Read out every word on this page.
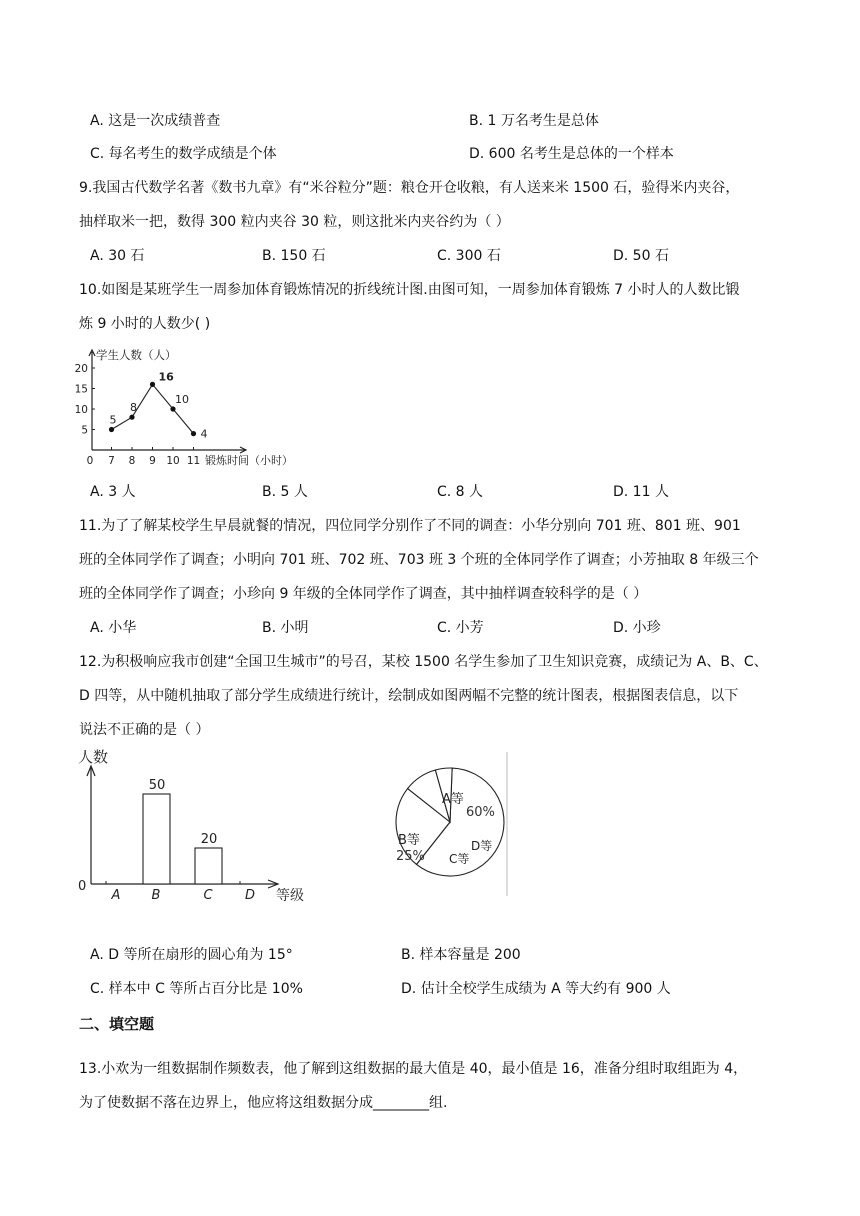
A. 这是一次成绩普查	B. 1 万名考生是总体
C. 每名考生的数学成绩是个体	D. 600 名考生是总体的一个样本
9.我国古代数学名著《数书九章》有“米谷粒分”题：粮仓开仓收粮，有人送来米 1500 石，验得米内夹谷，
抽样取米一把，数得 300 粒内夹谷 30 粒，则这批米内夹谷约为（ ）
A. 30 石	B. 150 石	C. 300 石	D. 50 石
10.如图是某班学生一周参加体育锻炼情况的折线统计图.由图可知，一周参加体育锻炼 7 小时人的人数比锻
炼 9 小时的人数少( )
学生人数（人）
锻炼时间（小时）
5
10
15
20
0 7 8 9 10 11
5
8
16
10
4
A. 3 人	B. 5 人	C. 8 人	D. 11 人
11.为了了解某校学生早晨就餐的情况，四位同学分别作了不同的调查：小华分别向 701 班、801 班、901
班的全体同学作了调查；小明向 701 班、702 班、703 班 3 个班的全体同学作了调查；小芳抽取 8 年级三个
班的全体同学作了调查；小珍向 9 年级的全体同学作了调查，其中抽样调查较科学的是（ ）
A. 小华	B. 小明	C. 小芳	D. 小珍
12.为积极响应我市创建“全国卫生城市”的号召，某校 1500 名学生参加了卫生知识竞赛，成绩记为 A、B、C、
D 四等，从中随机抽取了部分学生成绩进行统计，绘制成如图两幅不完整的统计图表，根据图表信息，以下
说法不正确的是（ ）
人数
等级
0
A B	C D
50
20
A等
60%
B等
25% C等
D等
A. D 等所在扇形的圆心角为 15°	B. 样本容量是 200
C. 样本中 C 等所占百分比是 10%	D. 估计全校学生成绩为 A 等大约有 900 人
二、填空题
13.小欢为一组数据制作频数表，他了解到这组数据的最大值是 40，最小值是 16，准备分组时取组距为 4，
为了使数据不落在边界上，他应将这组数据分成________组.
